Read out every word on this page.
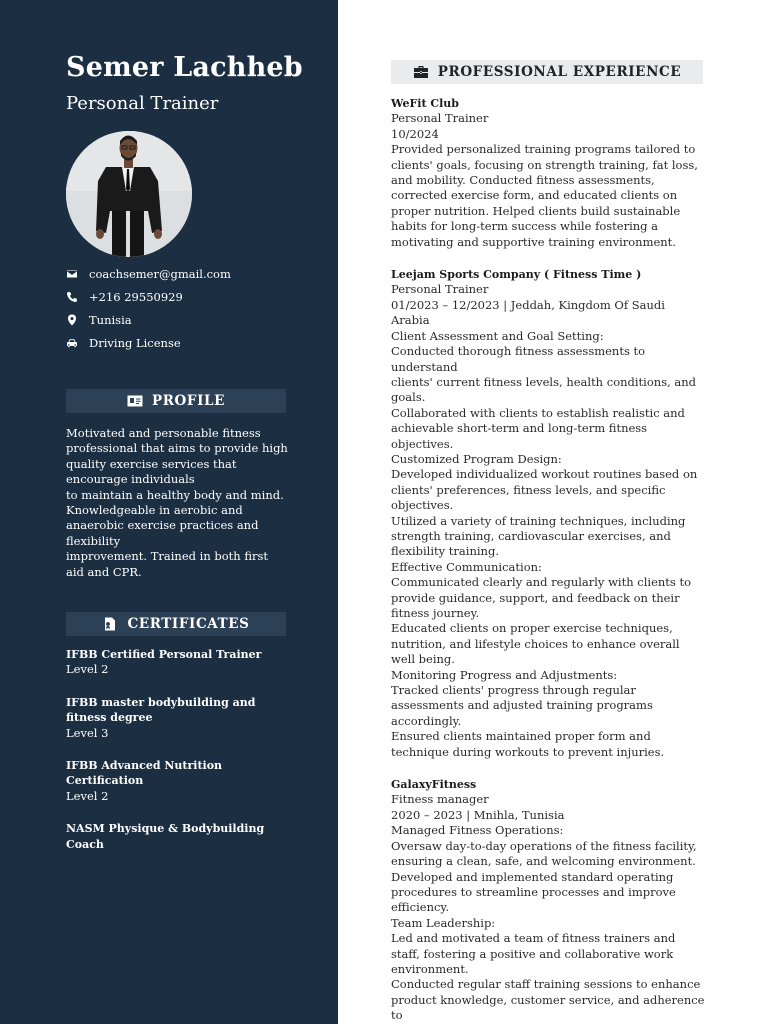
Semer Lachheb
Personal Trainer
coachsemer@gmail.com
+216 29550929
Tunisia
Driving License
PROFILE

Motivated and personable fitness professional that aims to provide high quality exercise services that encourage individuals

to maintain a healthy body and mind. Knowledgeable in aerobic and anaerobic exercise practices and flexibility

improvement. Trained in both first aid and CPR.

CERTIFICATES
IFBB Certified Personal Trainer
Level 2
IFBB master bodybuilding and fitness degree
Level 3
IFBB Advanced Nutrition Certification
Level 2
NASM Physique & Bodybuilding Coach
PROFESSIONAL EXPERIENCE
WeFit Club
Personal Trainer
10/2024
Provided personalized training programs tailored to clients' goals, focusing on strength training, fat loss, and mobility. Conducted fitness assessments, corrected exercise form, and educated clients on proper nutrition. Helped clients build sustainable habits for long-term success while fostering a motivating and supportive training environment.
Leejam Sports Company ( Fitness Time )
Personal Trainer
01/2023 – 12/2023 | Jeddah, Kingdom Of Saudi Arabia
Client Assessment and Goal Setting:
Conducted thorough fitness assessments to understand
clients' current fitness levels, health conditions, and goals.
Collaborated with clients to establish realistic and achievable short-term and long-term fitness objectives.
Customized Program Design:
Developed individualized workout routines based on clients' preferences, fitness levels, and specific objectives.
Utilized a variety of training techniques, including strength training, cardiovascular exercises, and flexibility training.
Effective Communication:
Communicated clearly and regularly with clients to provide guidance, support, and feedback on their fitness journey.
Educated clients on proper exercise techniques, nutrition, and lifestyle choices to enhance overall well being.
Monitoring Progress and Adjustments:
Tracked clients' progress through regular assessments and adjusted training programs accordingly.
Ensured clients maintained proper form and technique during workouts to prevent injuries.
GalaxyFitness
Fitness manager
2020 – 2023 | Mnihla, Tunisia
Managed Fitness Operations:
Oversaw day-to-day operations of the fitness facility, ensuring a clean, safe, and welcoming environment.
Developed and implemented standard operating procedures to streamline processes and improve efficiency.
Team Leadership:
Led and motivated a team of fitness trainers and staff, fostering a positive and collaborative work environment.
Conducted regular staff training sessions to enhance product knowledge, customer service, and adherence to
